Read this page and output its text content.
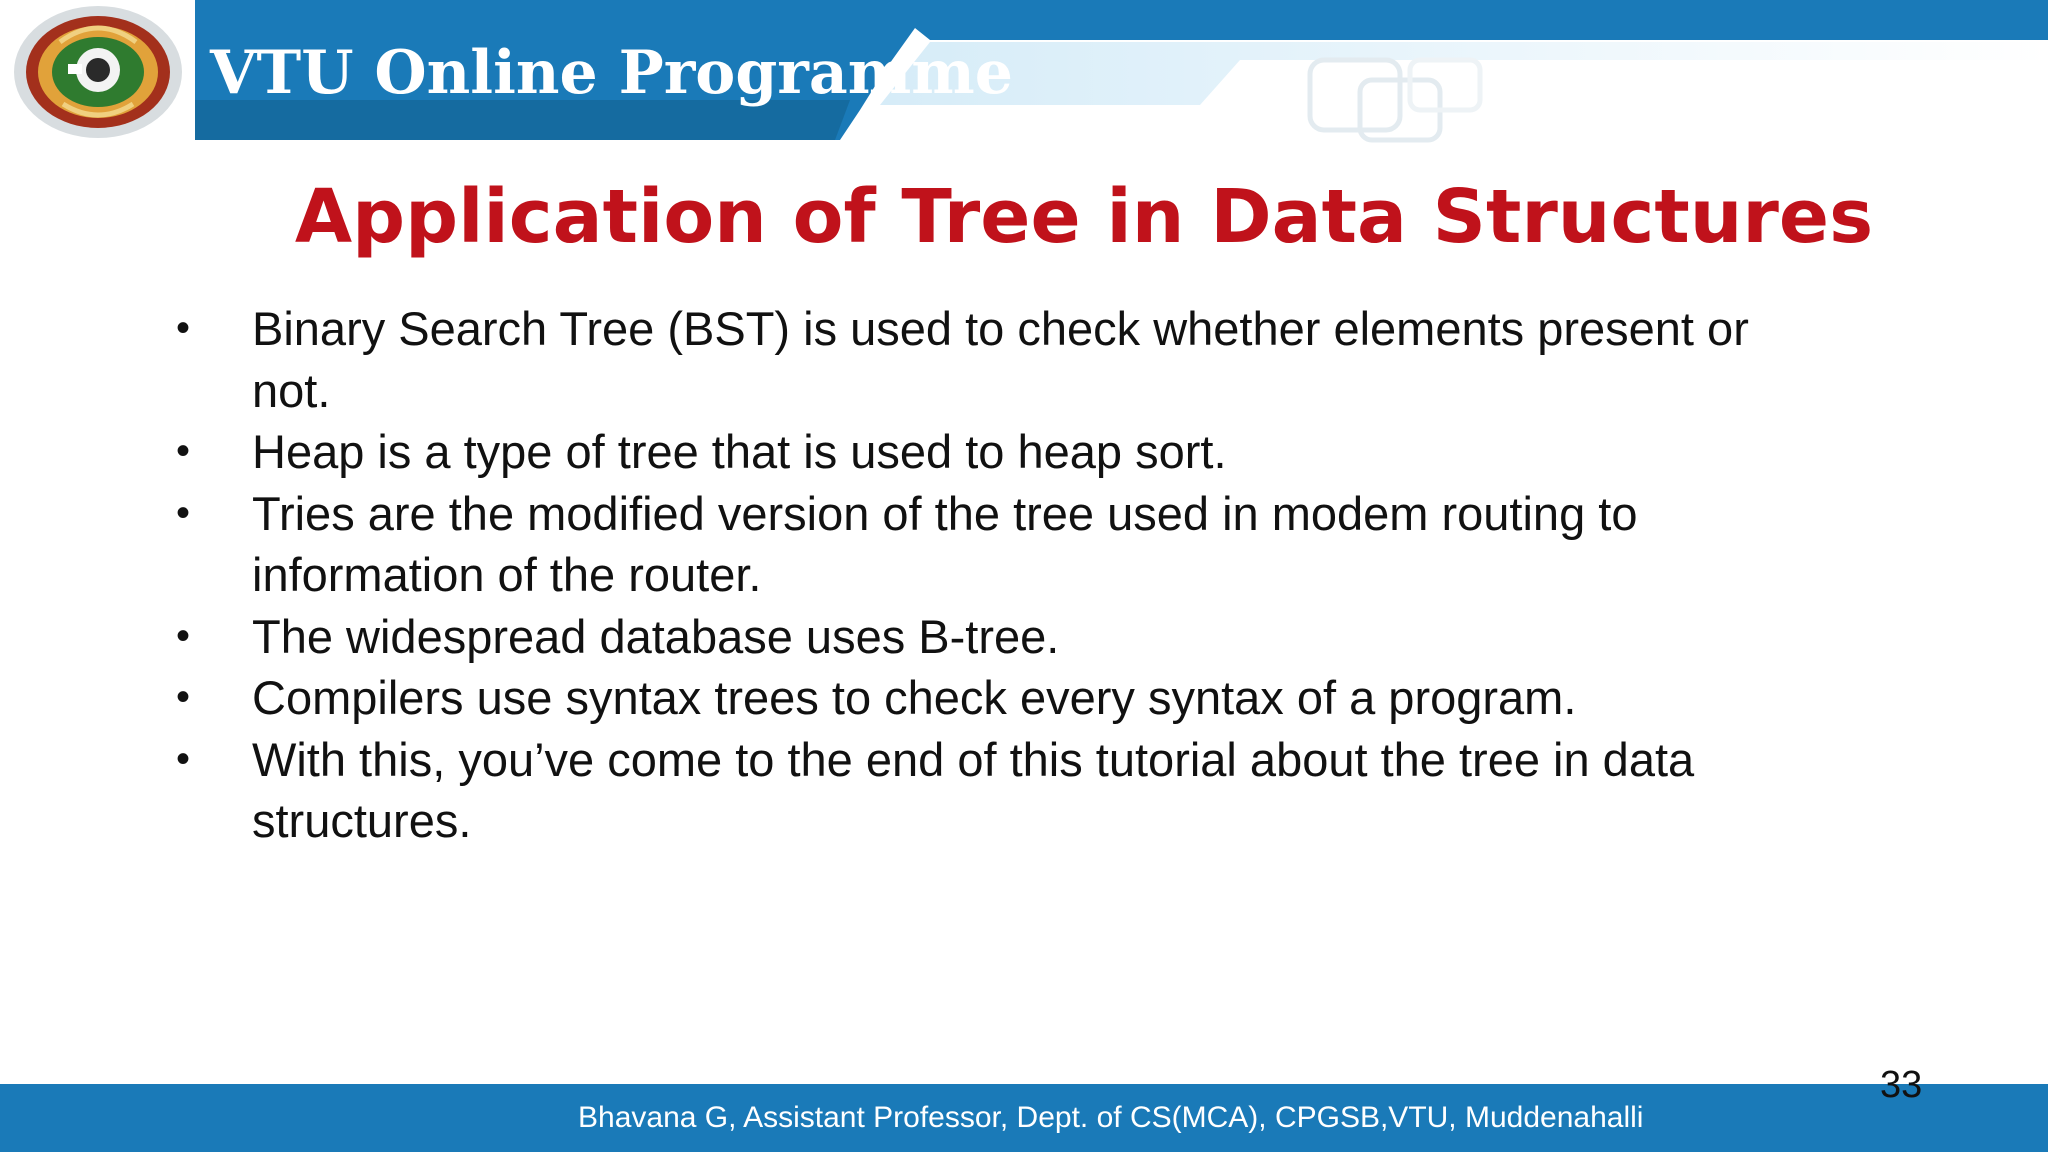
VTU Online Programme
Application of Tree in Data Structures
• Binary Search Tree (BST) is used to check whether elements present or not.
• Heap is a type of tree that is used to heap sort.
• Tries are the modified version of the tree used in modem routing to information of the router.
• The widespread database uses B-tree.
• Compilers use syntax trees to check every syntax of a program.
• With this, you’ve come to the end of this tutorial about the tree in data structures.
Bhavana G, Assistant Professor, Dept. of CS(MCA), CPGSB,VTU, Muddenahalli
33
